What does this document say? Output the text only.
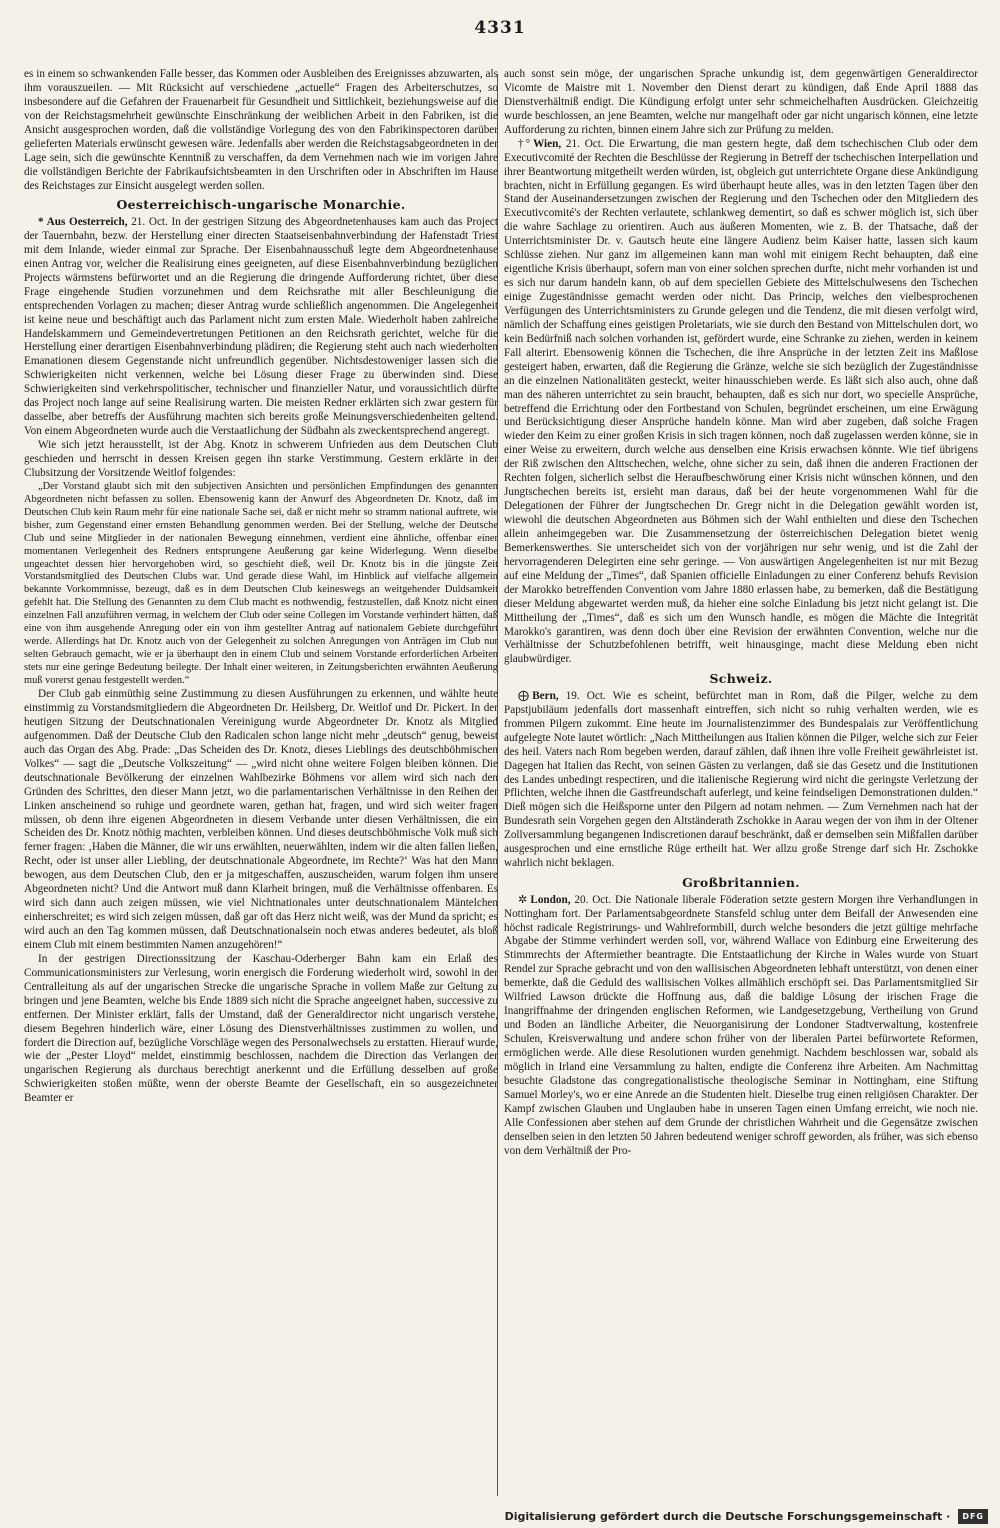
4331

es in einem so schwankenden Falle besser, das Kommen oder Ausbleiben des Ereignisses abzuwarten, als ihm vorauszueilen. — Mit Rücksicht auf verschiedene „actuelle“ Fragen des Arbeiterschutzes, so insbesondere auf die Gefahren der Frauenarbeit für Gesundheit und Sittlichkeit, beziehungsweise auf die von der Reichstagsmehrheit gewünschte Einschränkung der weiblichen Arbeit in den Fabriken, ist die Ansicht ausgesprochen worden, daß die vollständige Vorlegung des von den Fabrikinspectoren darüber gelieferten Materials erwünscht gewesen wäre. Jedenfalls aber werden die Reichstagsabgeordneten in der Lage sein, sich die gewünschte Kenntniß zu verschaffen, da dem Vernehmen nach wie im vorigen Jahre die vollständigen Berichte der Fabrikaufsichtsbeamten in den Urschriften oder in Abschriften im Hause des Reichstages zur Einsicht ausgelegt werden sollen.

Oesterreichisch-ungarische Monarchie.

* Aus Oesterreich, 21. Oct. In der gestrigen Sitzung des Abgeordnetenhauses kam auch das Project der Tauernbahn, bezw. der Herstellung einer directen Staatseisenbahnverbindung der Hafenstadt Triest mit dem Inlande, wieder einmal zur Sprache. Der Eisenbahnausschuß legte dem Abgeordnetenhause einen Antrag vor, welcher die Realisirung eines geeigneten, auf diese Eisenbahnverbindung bezüglichen Projects wärmstens befürwortet und an die Regierung die dringende Aufforderung richtet, über diese Frage eingehende Studien vorzunehmen und dem Reichsrathe mit aller Beschleunigung die entsprechenden Vorlagen zu machen; dieser Antrag wurde schließlich angenommen. Die Angelegenheit ist keine neue und beschäftigt auch das Parlament nicht zum ersten Male. Wiederholt haben zahlreiche Handelskammern und Gemeindevertretungen Petitionen an den Reichsrath gerichtet, welche für die Herstellung einer derartigen Eisenbahnverbindung plädiren; die Regierung steht auch nach wiederholten Emanationen diesem Gegenstande nicht unfreundlich gegenüber. Nichtsdestoweniger lassen sich die Schwierigkeiten nicht verkennen, welche bei Lösung dieser Frage zu überwinden sind. Diese Schwierigkeiten sind verkehrspolitischer, technischer und finanzieller Natur, und voraussichtlich dürfte das Project noch lange auf seine Realisirung warten. Die meisten Redner erklärten sich zwar gestern für dasselbe, aber betreffs der Ausführung machten sich bereits große Meinungsverschiedenheiten geltend. Von einem Abgeordneten wurde auch die Verstaatlichung der Südbahn als zweckentsprechend angeregt.

Wie sich jetzt herausstellt, ist der Abg. Knotz in schwerem Unfrieden aus dem Deutschen Club geschieden und herrscht in dessen Kreisen gegen ihn starke Verstimmung. Gestern erklärte in der Clubsitzung der Vorsitzende Weitlof folgendes:

„Der Vorstand glaubt sich mit den subjectiven Ansichten und persönlichen Empfindungen des genannten Abgeordneten nicht befassen zu sollen. Ebensowenig kann der Anwurf des Abgeordneten Dr. Knotz, daß im Deutschen Club kein Raum mehr für eine nationale Sache sei, daß er nicht mehr so stramm national auftrete, wie bisher, zum Gegenstand einer ernsten Behandlung genommen werden. Bei der Stellung, welche der Deutsche Club und seine Mitglieder in der nationalen Bewegung einnehmen, verdient eine ähnliche, offenbar einer momentanen Verlegenheit des Redners entsprungene Aeußerung gar keine Widerlegung. Wenn dieselbe ungeachtet dessen hier hervorgehoben wird, so geschieht dieß, weil Dr. Knotz bis in die jüngste Zeit Vorstandsmitglied des Deutschen Clubs war. Und gerade diese Wahl, im Hinblick auf vielfache allgemein bekannte Vorkommnisse, bezeugt, daß es in dem Deutschen Club keineswegs an weitgehender Duldsamkeit gefehlt hat. Die Stellung des Genannten zu dem Club macht es nothwendig, festzustellen, daß Knotz nicht einen einzelnen Fall anzuführen vermag, in welchem der Club oder seine Collegen im Vorstande verhindert hätten, daß eine von ihm ausgehende Anregung oder ein von ihm gestellter Antrag auf nationalem Gebiete durchgeführt werde. Allerdings hat Dr. Knotz auch von der Gelegenheit zu solchen Anregungen von Anträgen im Club nur selten Gebrauch gemacht, wie er ja überhaupt den in einem Club und seinem Vorstande erforderlichen Arbeiten stets nur eine geringe Bedeutung beilegte. Der Inhalt einer weiteren, in Zeitungsberichten erwähnten Aeußerung muß vorerst genau festgestellt werden.“

Der Club gab einmüthig seine Zustimmung zu diesen Ausführungen zu erkennen, und wählte heute einstimmig zu Vorstandsmitgliedern die Abgeordneten Dr. Heilsberg, Dr. Weitlof und Dr. Pickert. In der heutigen Sitzung der Deutschnationalen Vereinigung wurde Abgeordneter Dr. Knotz als Mitglied aufgenommen. Daß der Deutsche Club den Radicalen schon lange nicht mehr „deutsch“ genug, beweist auch das Organ des Abg. Prade: „Das Scheiden des Dr. Knotz, dieses Lieblings des deutschböhmischen Volkes“ — sagt die „Deutsche Volkszeitung“ — „wird nicht ohne weitere Folgen bleiben können. Die deutschnationale Bevölkerung der einzelnen Wahlbezirke Böhmens vor allem wird sich nach den Gründen des Schrittes, den dieser Mann jetzt, wo die parlamentarischen Verhältnisse in den Reihen der Linken anscheinend so ruhige und geordnete waren, gethan hat, fragen, und wird sich weiter fragen müssen, ob denn ihre eigenen Abgeordneten in diesem Verbande unter diesen Verhältnissen, die ein Scheiden des Dr. Knotz nöthig machten, verbleiben können. Und dieses deutschböhmische Volk muß sich ferner fragen: ‚Haben die Männer, die wir uns erwählten, neuerwählten, indem wir die alten fallen ließen, Recht, oder ist unser aller Liebling, der deutschnationale Abgeordnete, im Rechte?‘ Was hat den Mann bewogen, aus dem Deutschen Club, den er ja mitgeschaffen, auszuscheiden, warum folgen ihm unsere Abgeordneten nicht? Und die Antwort muß dann Klarheit bringen, muß die Verhältnisse offenbaren. Es wird sich dann auch zeigen müssen, wie viel Nichtnationales unter deutschnationalem Mäntelchen einherschreitet; es wird sich zeigen müssen, daß gar oft das Herz nicht weiß, was der Mund da spricht; es wird auch an den Tag kommen müssen, daß Deutschnationalsein noch etwas anderes bedeutet, als bloß einem Club mit einem bestimmten Namen anzugehören!“

In der gestrigen Directionssitzung der Kaschau-Oderberger Bahn kam ein Erlaß des Communicationsministers zur Verlesung, worin energisch die Forderung wiederholt wird, sowohl in der Centralleitung als auf der ungarischen Strecke die ungarische Sprache in vollem Maße zur Geltung zu bringen und jene Beamten, welche bis Ende 1889 sich nicht die Sprache angeeignet haben, successive zu entfernen. Der Minister erklärt, falls der Umstand, daß der Generaldirector nicht ungarisch verstehe, diesem Begehren hinderlich wäre, einer Lösung des Dienstverhältnisses zustimmen zu wollen, und fordert die Direction auf, bezügliche Vorschläge wegen des Personalwechsels zu erstatten. Hierauf wurde, wie der „Pester Lloyd“ meldet, einstimmig beschlossen, nachdem die Direction das Verlangen der ungarischen Regierung als durchaus berechtigt anerkennt und die Erfüllung desselben auf große Schwierigkeiten stoßen müßte, wenn der oberste Beamte der Gesellschaft, ein so ausgezeichneter Beamter er

auch sonst sein möge, der ungarischen Sprache unkundig ist, dem gegenwärtigen Generaldirector Vicomte de Maistre mit 1. November den Dienst derart zu kündigen, daß Ende April 1888 das Dienstverhältniß endigt. Die Kündigung erfolgt unter sehr schmeichelhaften Ausdrücken. Gleichzeitig wurde beschlossen, an jene Beamten, welche nur mangelhaft oder gar nicht ungarisch können, eine letzte Aufforderung zu richten, binnen einem Jahre sich zur Prüfung zu melden.

†° Wien, 21. Oct. Die Erwartung, die man gestern hegte, daß dem tschechischen Club oder dem Executivcomité der Rechten die Beschlüsse der Regierung in Betreff der tschechischen Interpellation und ihrer Beantwortung mitgetheilt werden würden, ist, obgleich gut unterrichtete Organe diese Ankündigung brachten, nicht in Erfüllung gegangen. Es wird überhaupt heute alles, was in den letzten Tagen über den Stand der Auseinandersetzungen zwischen der Regierung und den Tschechen oder den Mitgliedern des Executivcomité's der Rechten verlautete, schlankweg dementirt, so daß es schwer möglich ist, sich über die wahre Sachlage zu orientiren. Auch aus äußeren Momenten, wie z. B. der Thatsache, daß der Unterrichtsminister Dr. v. Gautsch heute eine längere Audienz beim Kaiser hatte, lassen sich kaum Schlüsse ziehen. Nur ganz im allgemeinen kann man wohl mit einigem Recht behaupten, daß eine eigentliche Krisis überhaupt, sofern man von einer solchen sprechen durfte, nicht mehr vorhanden ist und es sich nur darum handeln kann, ob auf dem speciellen Gebiete des Mittelschulwesens den Tschechen einige Zugeständnisse gemacht werden oder nicht. Das Princip, welches den vielbesprochenen Verfügungen des Unterrichtsministers zu Grunde gelegen und die Tendenz, die mit diesen verfolgt wird, nämlich der Schaffung eines geistigen Proletariats, wie sie durch den Bestand von Mittelschulen dort, wo kein Bedürfniß nach solchen vorhanden ist, gefördert wurde, eine Schranke zu ziehen, werden in keinem Fall alterirt. Ebensowenig können die Tschechen, die ihre Ansprüche in der letzten Zeit ins Maßlose gesteigert haben, erwarten, daß die Regierung die Gränze, welche sie sich bezüglich der Zugeständnisse an die einzelnen Nationalitäten gesteckt, weiter hinausschieben werde. Es läßt sich also auch, ohne daß man des näheren unterrichtet zu sein braucht, behaupten, daß es sich nur dort, wo specielle Ansprüche, betreffend die Errichtung oder den Fortbestand von Schulen, begründet erscheinen, um eine Erwägung und Berücksichtigung dieser Ansprüche handeln könne. Man wird aber zugeben, daß solche Fragen wieder den Keim zu einer großen Krisis in sich tragen können, noch daß zugelassen werden könne, sie in einer Weise zu erweitern, durch welche aus denselben eine Krisis erwachsen könnte. Wie tief übrigens der Riß zwischen den Alttschechen, welche, ohne sicher zu sein, daß ihnen die anderen Fractionen der Rechten folgen, sicherlich selbst die Heraufbeschwörung einer Krisis nicht wünschen können, und den Jungtschechen bereits ist, ersieht man daraus, daß bei der heute vorgenommenen Wahl für die Delegationen der Führer der Jungtschechen Dr. Gregr nicht in die Delegation gewählt worden ist, wiewohl die deutschen Abgeordneten aus Böhmen sich der Wahl enthielten und diese den Tschechen allein anheimgegeben war. Die Zusammensetzung der österreichischen Delegation bietet wenig Bemerkenswerthes. Sie unterscheidet sich von der vorjährigen nur sehr wenig, und ist die Zahl der hervorragenderen Delegirten eine sehr geringe. — Von auswärtigen Angelegenheiten ist nur mit Bezug auf eine Meldung der „Times“, daß Spanien officielle Einladungen zu einer Conferenz behufs Revision der Marokko betreffenden Convention vom Jahre 1880 erlassen habe, zu bemerken, daß die Bestätigung dieser Meldung abgewartet werden muß, da hieher eine solche Einladung bis jetzt nicht gelangt ist. Die Mittheilung der „Times“, daß es sich um den Wunsch handle, es mögen die Mächte die Integrität Marokko's garantiren, was denn doch über eine Revision der erwähnten Convention, welche nur die Verhältnisse der Schutzbefohlenen betrifft, weit hinausginge, macht diese Meldung eben nicht glaubwürdiger.

Schweiz.

⨁ Bern, 19. Oct. Wie es scheint, befürchtet man in Rom, daß die Pilger, welche zu dem Papstjubiläum jedenfalls dort massenhaft eintreffen, sich nicht so ruhig verhalten werden, wie es frommen Pilgern zukommt. Eine heute im Journalistenzimmer des Bundespalais zur Veröffentlichung aufgelegte Note lautet wörtlich: „Nach Mittheilungen aus Italien können die Pilger, welche sich zur Feier des heil. Vaters nach Rom begeben werden, darauf zählen, daß ihnen ihre volle Freiheit gewährleistet ist. Dagegen hat Italien das Recht, von seinen Gästen zu verlangen, daß sie das Gesetz und die Institutionen des Landes unbedingt respectiren, und die italienische Regierung wird nicht die geringste Verletzung der Pflichten, welche ihnen die Gastfreundschaft auferlegt, und keine feindseligen Demonstrationen dulden.“ Dieß mögen sich die Heißsporne unter den Pilgern ad notam nehmen. — Zum Vernehmen nach hat der Bundesrath sein Vorgehen gegen den Altständerath Zschokke in Aarau wegen der von ihm in der Oltener Zollversammlung begangenen Indiscretionen darauf beschränkt, daß er demselben sein Mißfallen darüber ausgesprochen und eine ernstliche Rüge ertheilt hat. Wer allzu große Strenge darf sich Hr. Zschokke wahrlich nicht beklagen.

Großbritannien.

✲ London, 20. Oct. Die Nationale liberale Föderation setzte gestern Morgen ihre Verhandlungen in Nottingham fort. Der Parlamentsabgeordnete Stansfeld schlug unter dem Beifall der Anwesenden eine höchst radicale Registrirungs- und Wahlreformbill, durch welche besonders die jetzt gültige mehrfache Abgabe der Stimme verhindert werden soll, vor, während Wallace von Edinburg eine Erweiterung des Stimmrechts der Aftermiether beantragte. Die Entstaatlichung der Kirche in Wales wurde von Stuart Rendel zur Sprache gebracht und von den wallisischen Abgeordneten lebhaft unterstützt, von denen einer bemerkte, daß die Geduld des wallisischen Volkes allmählich erschöpft sei. Das Parlamentsmitglied Sir Wilfried Lawson drückte die Hoffnung aus, daß die baldige Lösung der irischen Frage die Inangriffnahme der dringenden englischen Reformen, wie Landgesetzgebung, Vertheilung von Grund und Boden an ländliche Arbeiter, die Neuorganisirung der Londoner Stadtverwaltung, kostenfreie Schulen, Kreisverwaltung und andere schon früher von der liberalen Partei befürwortete Reformen, ermöglichen werde. Alle diese Resolutionen wurden genehmigt. Nachdem beschlossen war, sobald als möglich in Irland eine Versammlung zu halten, endigte die Conferenz ihre Arbeiten. Am Nachmittag besuchte Gladstone das congregationalistische theologische Seminar in Nottingham, eine Stiftung Samuel Morley's, wo er eine Anrede an die Studenten hielt. Dieselbe trug einen religiösen Charakter. Der Kampf zwischen Glauben und Unglauben habe in unseren Tagen einen Umfang erreicht, wie noch nie. Alle Confessionen aber stehen auf dem Grunde der christlichen Wahrheit und die Gegensätze zwischen denselben seien in den letzten 50 Jahren bedeutend weniger schroff geworden, als früher, was sich ebenso von dem Verhältniß der Pro-

Digitalisierung gefördert durch die Deutsche Forschungsgemeinschaft ·	DFG
